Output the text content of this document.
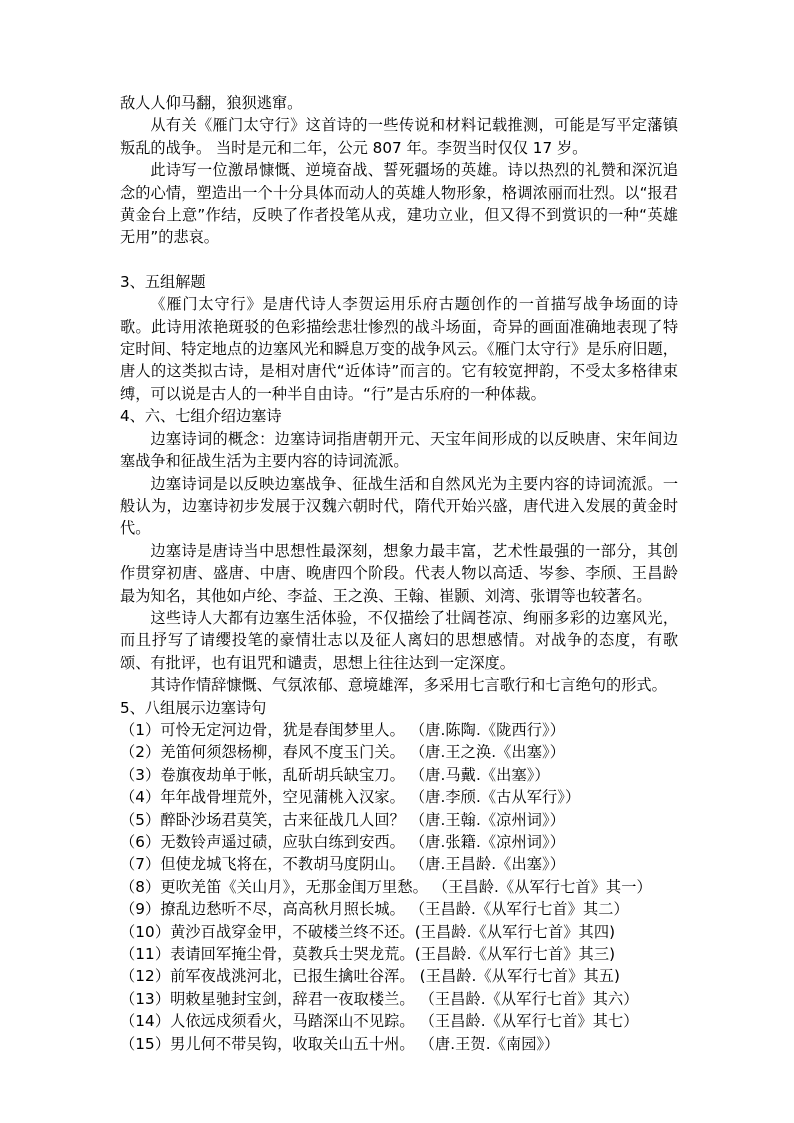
敌人人仰马翻，狼狈逃窜。

从有关《雁门太守行》这首诗的一些传说和材料记载推测，可能是写平定藩镇叛乱的战争。 当时是元和二年，公元 807 年。李贺当时仅仅 17 岁。

此诗写一位激昂慷慨、逆境奋战、誓死疆场的英雄。诗以热烈的礼赞和深沉追念的心情，塑造出一个十分具体而动人的英雄人物形象，格调浓丽而壮烈。以“报君黄金台上意”作结，反映了作者投笔从戎，建功立业，但又得不到赏识的一种“英雄无用”的悲哀。

3、五组解题

《雁门太守行》是唐代诗人李贺运用乐府古题创作的一首描写战争场面的诗歌。此诗用浓艳斑驳的色彩描绘悲壮惨烈的战斗场面，奇异的画面准确地表现了特定时间、特定地点的边塞风光和瞬息万变的战争风云。《雁门太守行》是乐府旧题，唐人的这类拟古诗，是相对唐代“近体诗”而言的。它有较宽押韵，不受太多格律束缚，可以说是古人的一种半自由诗。“行”是古乐府的一种体裁。

4、六、七组介绍边塞诗

边塞诗词的概念：边塞诗词指唐朝开元、天宝年间形成的以反映唐、宋年间边塞战争和征战生活为主要内容的诗词流派。

边塞诗词是以反映边塞战争、征战生活和自然风光为主要内容的诗词流派。一般认为，边塞诗初步发展于汉魏六朝时代，隋代开始兴盛，唐代进入发展的黄金时代。

边塞诗是唐诗当中思想性最深刻，想象力最丰富，艺术性最强的一部分，其创作贯穿初唐、盛唐、中唐、晚唐四个阶段。代表人物以高适、岑参、李颀、王昌龄最为知名，其他如卢纶、李益、王之涣、王翰、崔颢、刘湾、张谓等也较著名。

这些诗人大都有边塞生活体验，不仅描绘了壮阔苍凉、绚丽多彩的边塞风光，而且抒写了请缨投笔的豪情壮志以及征人离妇的思想感情。对战争的态度，有歌颂、有批评，也有诅咒和谴责，思想上往往达到一定深度。

其诗作情辞慷慨、气氛浓郁、意境雄浑，多采用七言歌行和七言绝句的形式。

5、八组展示边塞诗句

（1）可怜无定河边骨，犹是春闺梦里人。 （唐.陈陶.《陇西行》）
（2）羌笛何须怨杨柳，春风不度玉门关。 （唐.王之涣.《出塞》）
（3）卷旗夜劫单于帐，乱斫胡兵缺宝刀。 （唐.马戴.《出塞》）
（4）年年战骨埋荒外，空见蒲桃入汉家。 （唐.李颀.《古从军行》）
（5）醉卧沙场君莫笑，古来征战几人回？ （唐.王翰.《凉州词》）
（6）无数铃声遥过碛，应驮白练到安西。 （唐.张籍.《凉州词》）
（7）但使龙城飞将在，不教胡马度阴山。 （唐.王昌龄.《出塞》）
（8）更吹羌笛《关山月》，无那金闺万里愁。 （王昌龄.《从军行七首》其一）
（9）撩乱边愁听不尽，高高秋月照长城。 （王昌龄.《从军行七首》其二）
（10）黄沙百战穿金甲，不破楼兰终不还。(王昌龄.《从军行七首》其四)
（11）表请回军掩尘骨，莫教兵士哭龙荒。(王昌龄.《从军行七首》其三)
（12）前军夜战洮河北，已报生擒吐谷浑。 (王昌龄.《从军行七首》其五)
（13）明敕星驰封宝剑，辞君一夜取楼兰。 （王昌龄.《从军行七首》其六）
（14）人依远戍须看火，马踏深山不见踪。 （王昌龄.《从军行七首》其七）
（15）男儿何不带吴钩，收取关山五十州。 （唐.王贺.《南园》）
